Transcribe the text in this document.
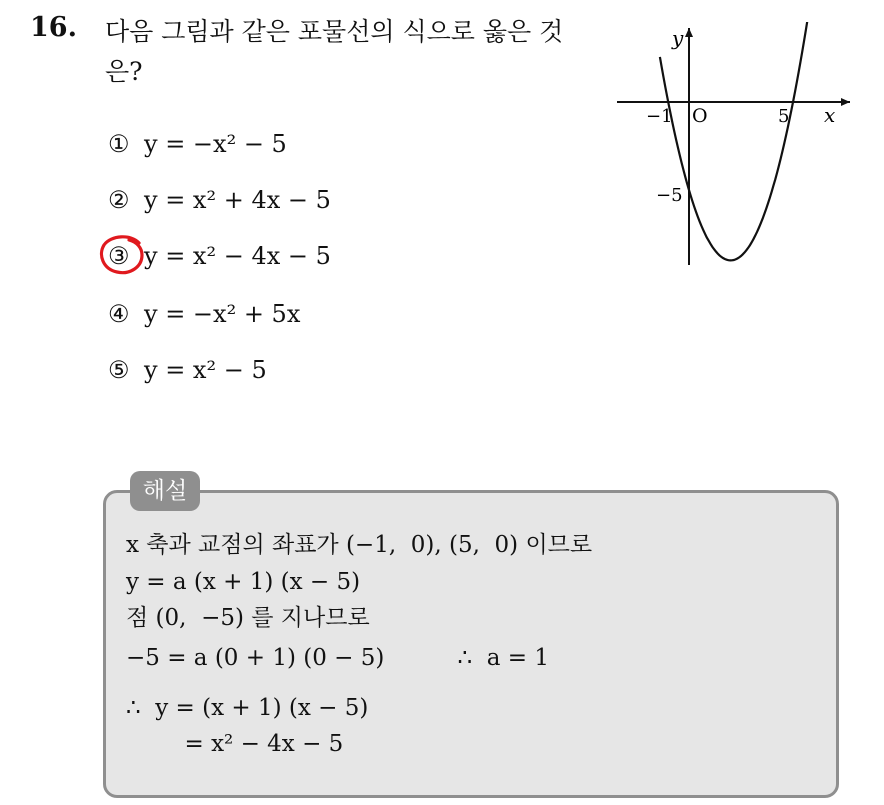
16. 다음 그림과 같은 포물선의 식으로 옳은 것은?
① y = −x² − 5
② y = x² + 4x − 5
③ y = x² − 4x − 5
④ y = −x² + 5x
⑤ y = x² − 5
y
x
O
−1	5
−5
해설
x 축과 교점의 좌표가 (−1,  0), (5,  0) 이므로
y = a (x + 1) (x − 5)
점 (0,  −5) 를 지나므로
−5 = a (0 + 1) (0 − 5)          ∴  a = 1
∴  y = (x + 1) (x − 5)
= x² − 4x − 5
